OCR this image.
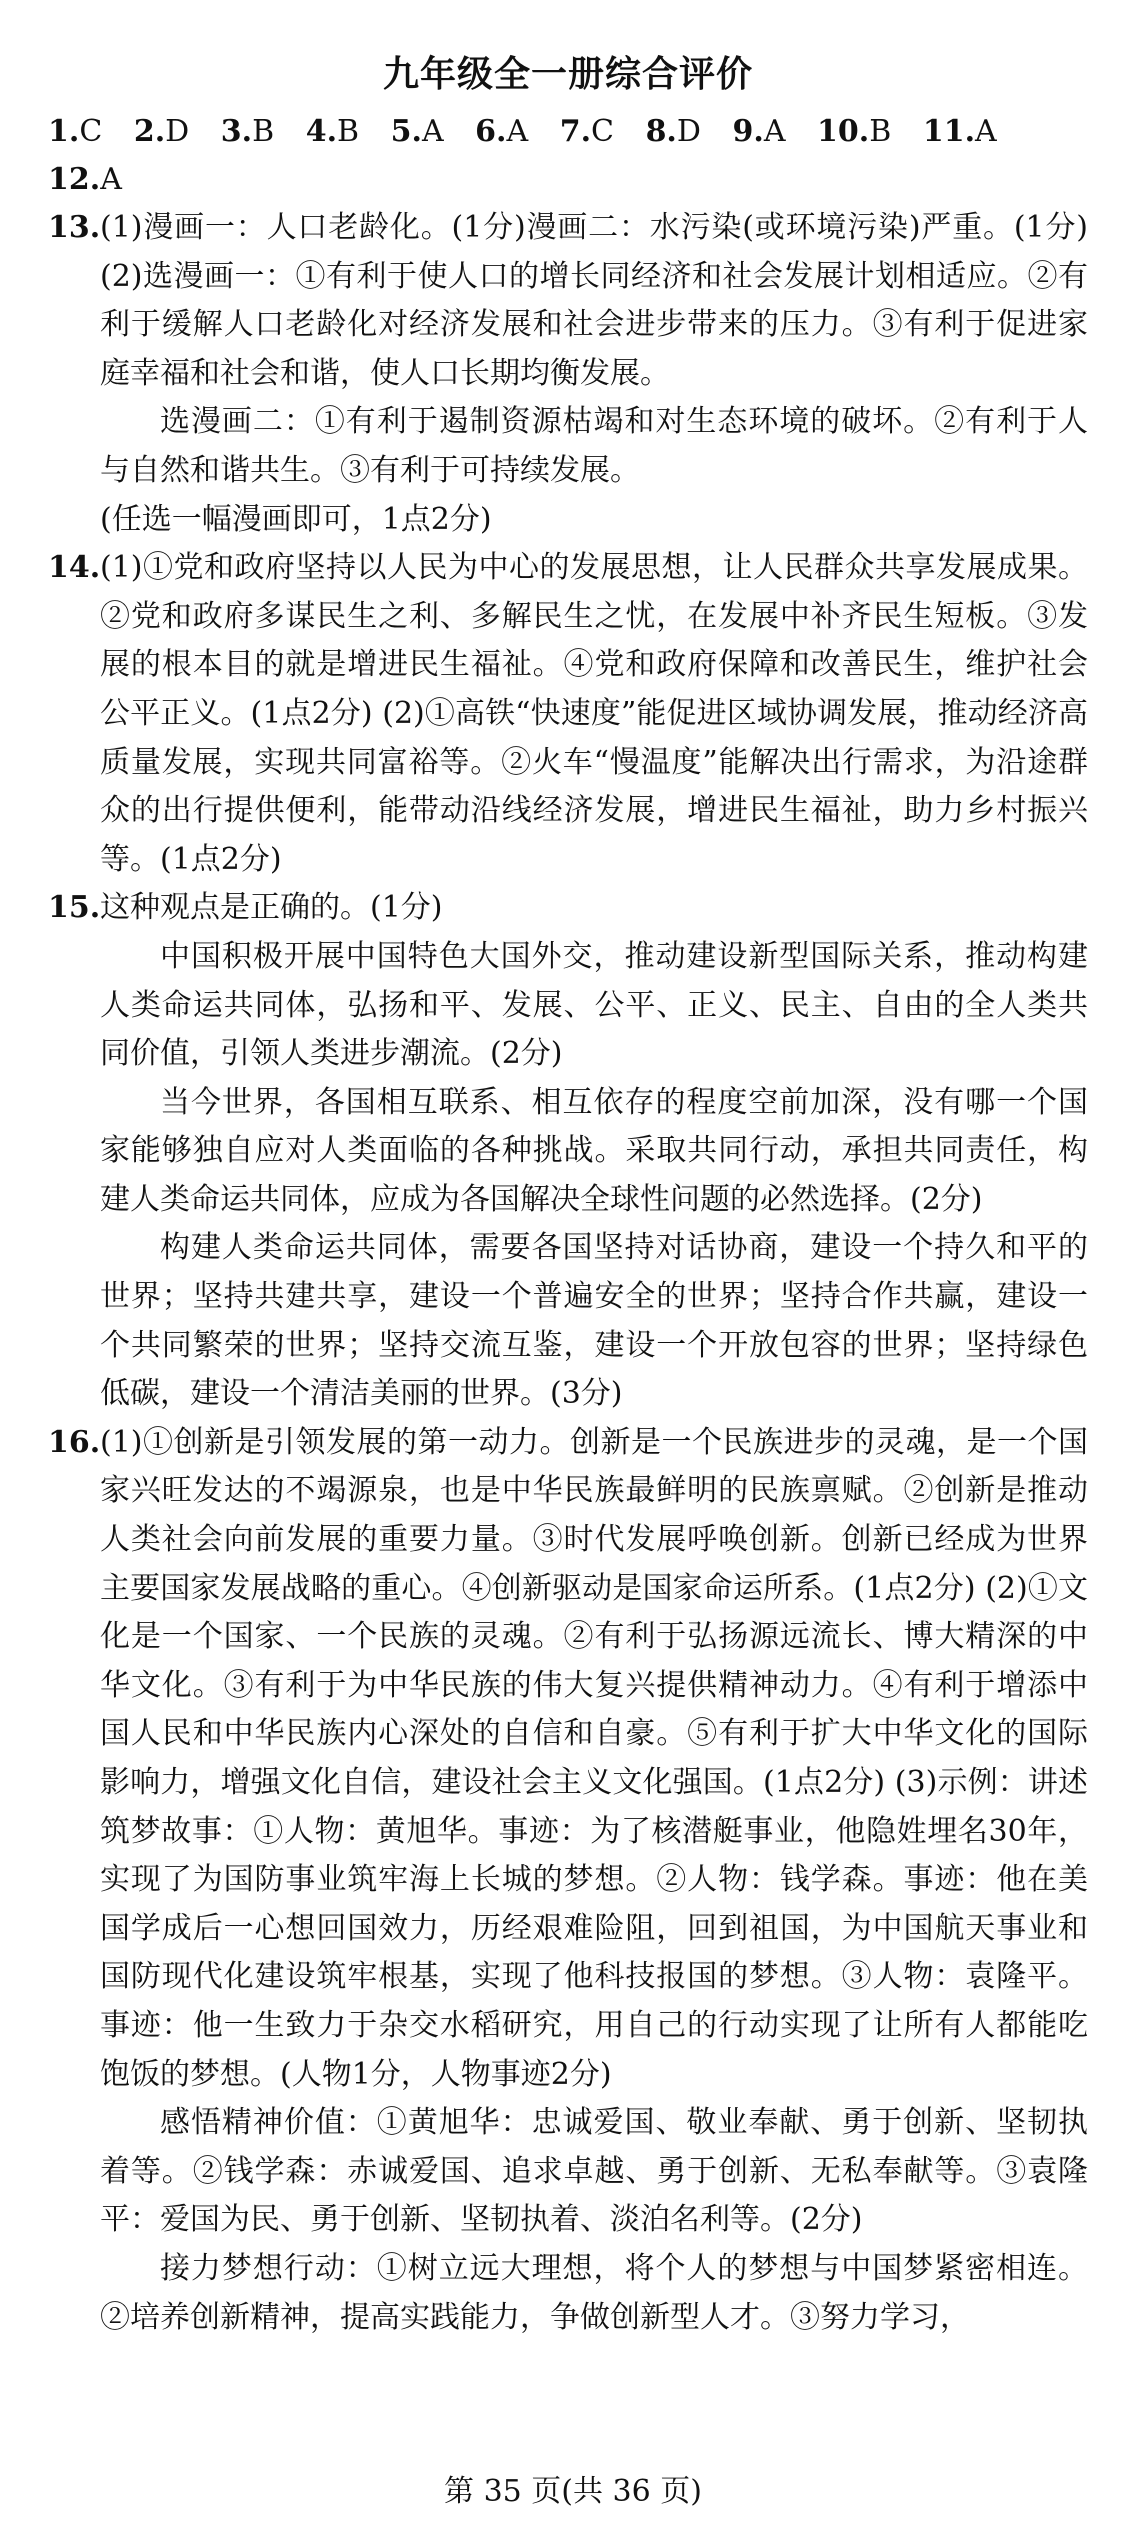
九年级全一册综合评价
1.C 2.D 3.B 4.B 5.A 6.A 7.C 8.D 9.A 10.B 11.A
12.A
13. (1)漫画一：人口老龄化。(1分)漫画二：水污染(或环境污染)严重。(1分) (2)选漫画一：①有利于使人口的增长同经济和社会发展计划相适应。②有利于缓解人口老龄化对经济发展和社会进步带来的压力。③有利于促进家庭幸福和社会和谐，使人口长期均衡发展。

选漫画二：①有利于遏制资源枯竭和对生态环境的破坏。②有利于人与自然和谐共生。③有利于可持续发展。

(任选一幅漫画即可，1点2分)

14. (1)①党和政府坚持以人民为中心的发展思想，让人民群众共享发展成果。②党和政府多谋民生之利、多解民生之忧，在发展中补齐民生短板。③发展的根本目的就是增进民生福祉。④党和政府保障和改善民生，维护社会公平正义。(1点2分) (2)①高铁“快速度”能促进区域协调发展，推动经济高质量发展，实现共同富裕等。②火车“慢温度”能解决出行需求，为沿途群众的出行提供便利，能带动沿线经济发展，增进民生福祉，助力乡村振兴等。(1点2分)

15. 这种观点是正确的。(1分)

中国积极开展中国特色大国外交，推动建设新型国际关系，推动构建人类命运共同体，弘扬和平、发展、公平、正义、民主、自由的全人类共同价值，引领人类进步潮流。(2分)

当今世界，各国相互联系、相互依存的程度空前加深，没有哪一个国家能够独自应对人类面临的各种挑战。采取共同行动，承担共同责任，构建人类命运共同体，应成为各国解决全球性问题的必然选择。(2分)

构建人类命运共同体，需要各国坚持对话协商，建设一个持久和平的世界；坚持共建共享，建设一个普遍安全的世界；坚持合作共赢，建设一个共同繁荣的世界；坚持交流互鉴，建设一个开放包容的世界；坚持绿色低碳，建设一个清洁美丽的世界。(3分)

16. (1)①创新是引领发展的第一动力。创新是一个民族进步的灵魂，是一个国家兴旺发达的不竭源泉，也是中华民族最鲜明的民族禀赋。②创新是推动人类社会向前发展的重要力量。③时代发展呼唤创新。创新已经成为世界主要国家发展战略的重心。④创新驱动是国家命运所系。(1点2分) (2)①文化是一个国家、一个民族的灵魂。②有利于弘扬源远流长、博大精深的中华文化。③有利于为中华民族的伟大复兴提供精神动力。④有利于增添中国人民和中华民族内心深处的自信和自豪。⑤有利于扩大中华文化的国际影响力，增强文化自信，建设社会主义文化强国。(1点2分) (3)示例：讲述筑梦故事：①人物：黄旭华。事迹：为了核潜艇事业，他隐姓埋名30年，实现了为国防事业筑牢海上长城的梦想。②人物：钱学森。事迹：他在美国学成后一心想回国效力，历经艰难险阻，回到祖国，为中国航天事业和国防现代化建设筑牢根基，实现了他科技报国的梦想。③人物：袁隆平。事迹：他一生致力于杂交水稻研究，用自己的行动实现了让所有人都能吃饱饭的梦想。(人物1分，人物事迹2分)

感悟精神价值：①黄旭华：忠诚爱国、敬业奉献、勇于创新、坚韧执着等。②钱学森：赤诚爱国、追求卓越、勇于创新、无私奉献等。③袁隆平：爱国为民、勇于创新、坚韧执着、淡泊名利等。(2分)

接力梦想行动：①树立远大理想，将个人的梦想与中国梦紧密相连。②培养创新精神，提高实践能力，争做创新型人才。③努力学习，

第 35 页(共 36 页)
